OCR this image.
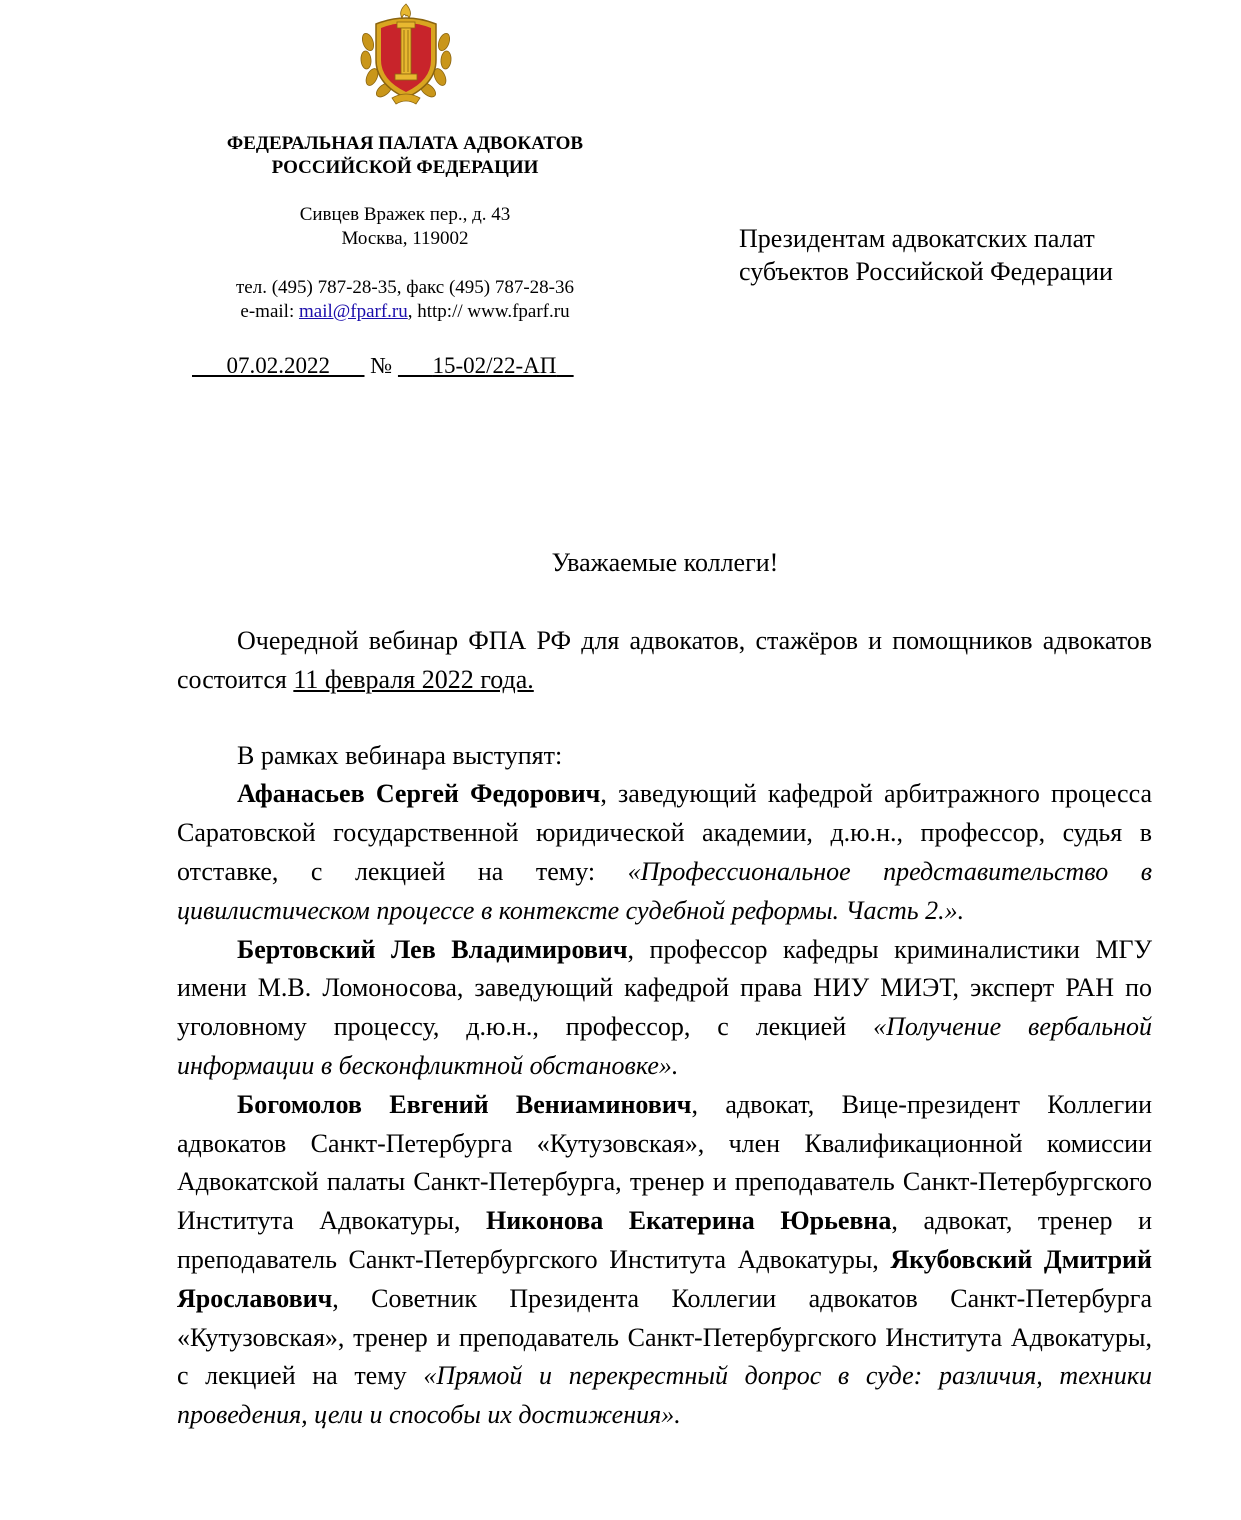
ФЕДЕРАЛЬНАЯ ПАЛАТА АДВОКАТОВ
РОССИЙСКОЙ ФЕДЕРАЦИИ
Сивцев Вражек пер., д. 43
Москва, 119002
тел. (495) 787-28-35, факс (495) 787-28-36
e-mail: mail@fparf.ru, http:// www.fparf.ru
07.02.2022 № 15-02/22-АП
Президентам адвокатских палат
субъектов Российской Федерации
Уважаемые коллеги!

Очередной вебинар ФПА РФ для адвокатов, стажёров и помощников адвокатов состоится 11 февраля 2022 года.

В рамках вебинара выступят:

Афанасьев Сергей Федорович, заведующий кафедрой арбитражного процесса Саратовской государственной юридической академии, д.ю.н., профессор, судья в отставке, с лекцией на тему: «Профессиональное представительство в цивилистическом процессе в контексте судебной реформы. Часть 2.».

Бертовский Лев Владимирович, профессор кафедры криминалистики МГУ имени М.В. Ломоносова, заведующий кафедрой права НИУ МИЭТ, эксперт РАН по уголовному процессу, д.ю.н., профессор, с лекцией «Получение вербальной информации в бесконфликтной обстановке».

Богомолов Евгений Вениаминович, адвокат, Вице-президент Коллегии адвокатов Санкт-Петербурга «Кутузовская», член Квалификационной комиссии Адвокатской палаты Санкт-Петербурга, тренер и преподаватель Санкт-Петербургского Института Адвокатуры, Никонова Екатерина Юрьевна, адвокат, тренер и преподаватель Санкт-Петербургского Института Адвокатуры, Якубовский Дмитрий Ярославович, Советник Президента Коллегии адвокатов Санкт-Петербурга «Кутузовская», тренер и преподаватель Санкт-Петербургского Института Адвокатуры, с лекцией на тему «Прямой и перекрестный допрос в суде: различия, техники проведения, цели и способы их достижения».
